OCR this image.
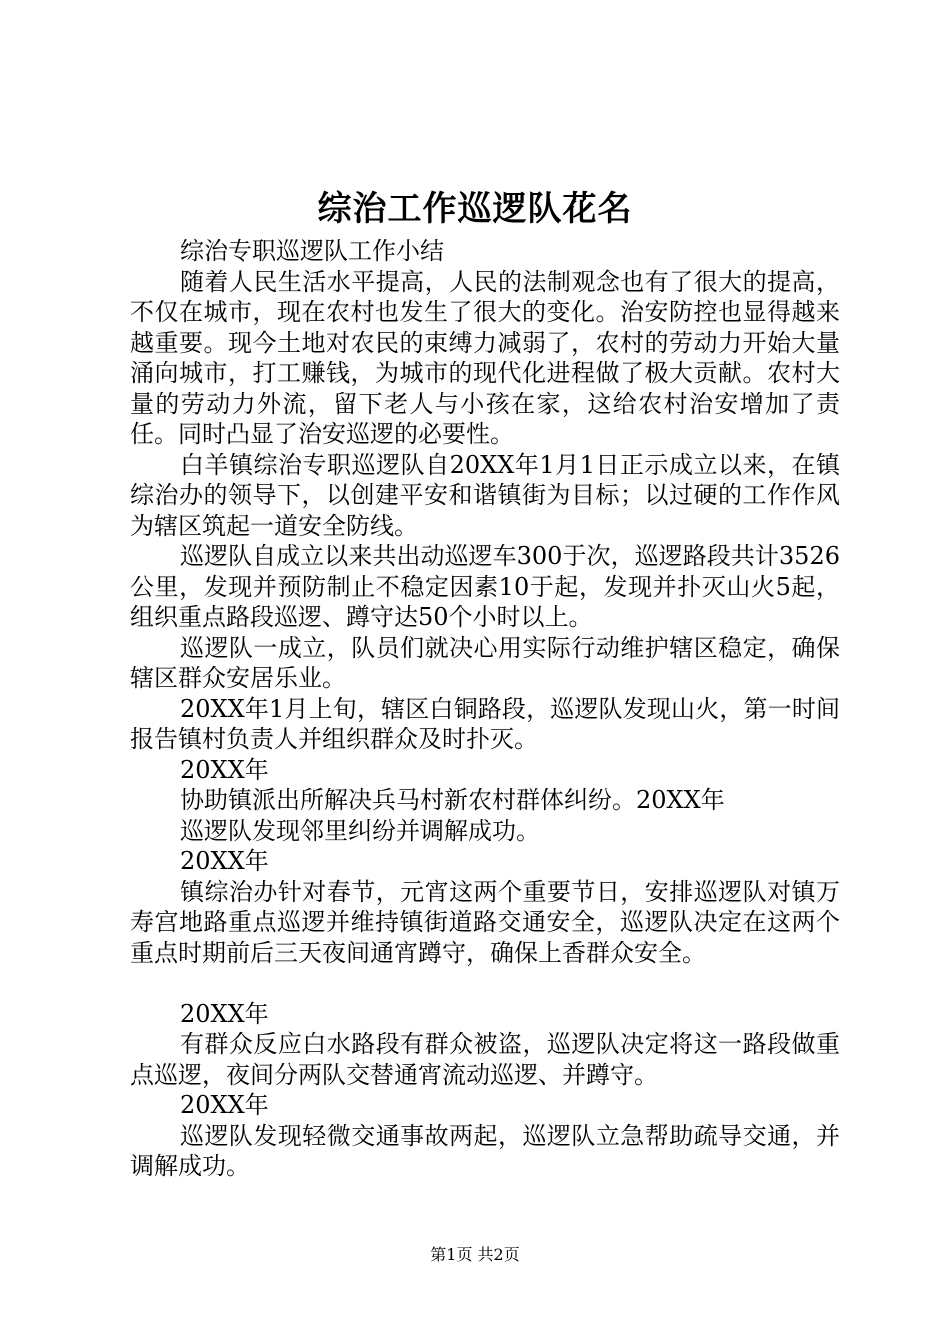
综治工作巡逻队花名

综治专职巡逻队工作小结

随着人民生活水平提高，人民的法制观念也有了很大的提高，不仅在城市，现在农村也发生了很大的变化。治安防控也显得越来越重要。现今土地对农民的束缚力减弱了，农村的劳动力开始大量涌向城市，打工赚钱，为城市的现代化进程做了极大贡献。农村大量的劳动力外流，留下老人与小孩在家，这给农村治安增加了责任。同时凸显了治安巡逻的必要性。

白羊镇综治专职巡逻队自20XX年1月1日正示成立以来，在镇综治办的领导下，以创建平安和谐镇街为目标；以过硬的工作作风为辖区筑起一道安全防线。

巡逻队自成立以来共出动巡逻车300于次，巡逻路段共计3526公里，发现并预防制止不稳定因素10于起，发现并扑灭山火5起，组织重点路段巡逻、蹲守达50个小时以上。

巡逻队一成立，队员们就决心用实际行动维护辖区稳定，确保辖区群众安居乐业。

20XX年1月上旬，辖区白铜路段，巡逻队发现山火，第一时间报告镇村负责人并组织群众及时扑灭。

20XX年

协助镇派出所解决兵马村新农村群体纠纷。20XX年

巡逻队发现邻里纠纷并调解成功。

20XX年

镇综治办针对春节，元宵这两个重要节日，安排巡逻队对镇万寿宫地路重点巡逻并维持镇街道路交通安全，巡逻队决定在这两个重点时期前后三天夜间通宵蹲守，确保上香群众安全。

20XX年

有群众反应白水路段有群众被盗，巡逻队决定将这一路段做重点巡逻，夜间分两队交替通宵流动巡逻、并蹲守。

20XX年

巡逻队发现轻微交通事故两起，巡逻队立急帮助疏导交通，并调解成功。

第1页 共2页
